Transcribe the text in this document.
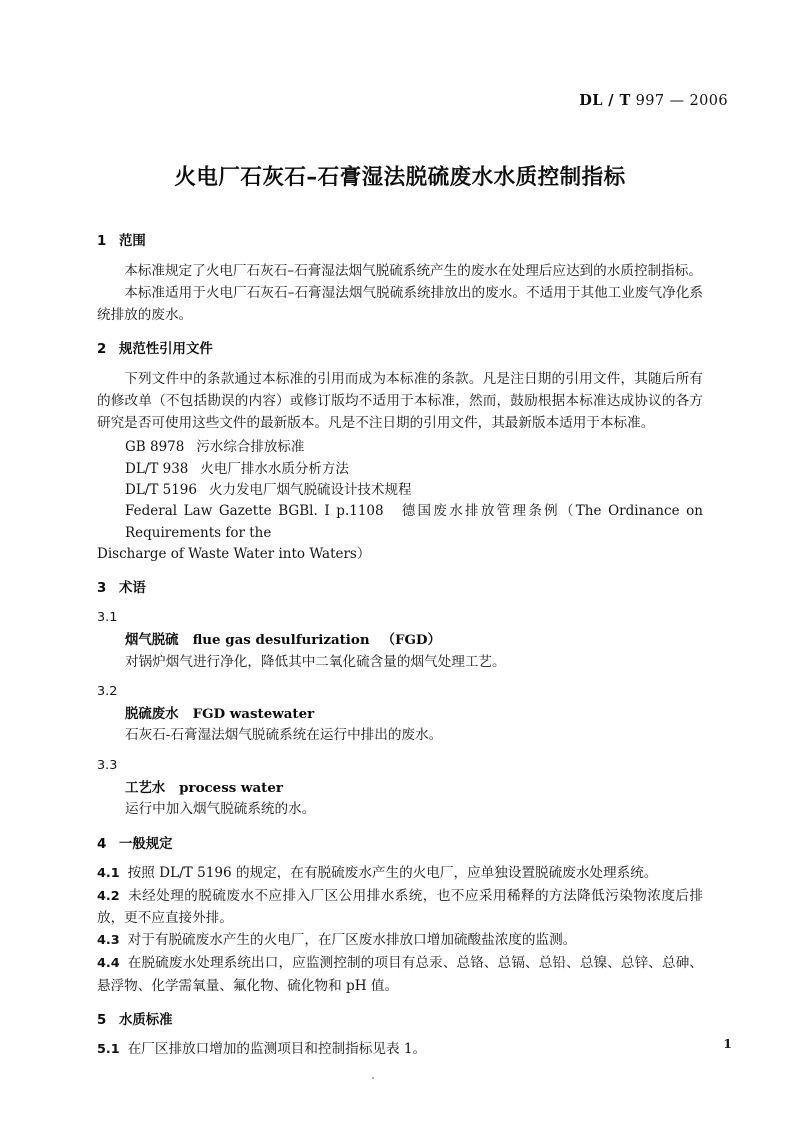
DL / T 997 — 2006
火电厂石灰石–石膏湿法脱硫废水水质控制指标

1 范围

本标准规定了火电厂石灰石–石膏湿法烟气脱硫系统产生的废水在处理后应达到的水质控制指标。

本标准适用于火电厂石灰石–石膏湿法烟气脱硫系统排放出的废水。不适用于其他工业废气净化系统排放的废水。

2 规范性引用文件

下列文件中的条款通过本标准的引用而成为本标准的条款。凡是注日期的引用文件，其随后所有的修改单（不包括勘误的内容）或修订版均不适用于本标准，然而，鼓励根据本标准达成协议的各方研究是否可使用这些文件的最新版本。凡是不注日期的引用文件，其最新版本适用于本标准。

GB 8978 污水综合排放标准
DL/T 938 火电厂排水水质分析方法
DL/T 5196 火力发电厂烟气脱硫设计技术规程
Federal Law Gazette BGBl. I p.1108　德国废水排放管理条例（The Ordinance on Requirements for the
Discharge of Waste Water into Waters）

3 术语

3.1

烟气脱硫 flue gas desulfurization （FGD）

对锅炉烟气进行净化，降低其中二氧化硫含量的烟气处理工艺。

3.2

脱硫废水 FGD wastewater

石灰石-石膏湿法烟气脱硫系统在运行中排出的废水。

3.3

工艺水 process water

运行中加入烟气脱硫系统的水。

4 一般规定

4.1 按照 DL/T 5196 的规定，在有脱硫废水产生的火电厂，应单独设置脱硫废水处理系统。

4.2 未经处理的脱硫废水不应排入厂区公用排水系统，也不应采用稀释的方法降低污染物浓度后排放，更不应直接外排。

4.3 对于有脱硫废水产生的火电厂，在厂区废水排放口增加硫酸盐浓度的监测。

4.4 在脱硫废水处理系统出口，应监测控制的项目有总汞、总铬、总镉、总铅、总镍、总锌、总砷、悬浮物、化学需氧量、氟化物、硫化物和 pH 值。

5 水质标准

5.1 在厂区排放口增加的监测项目和控制指标见表 1。	1
